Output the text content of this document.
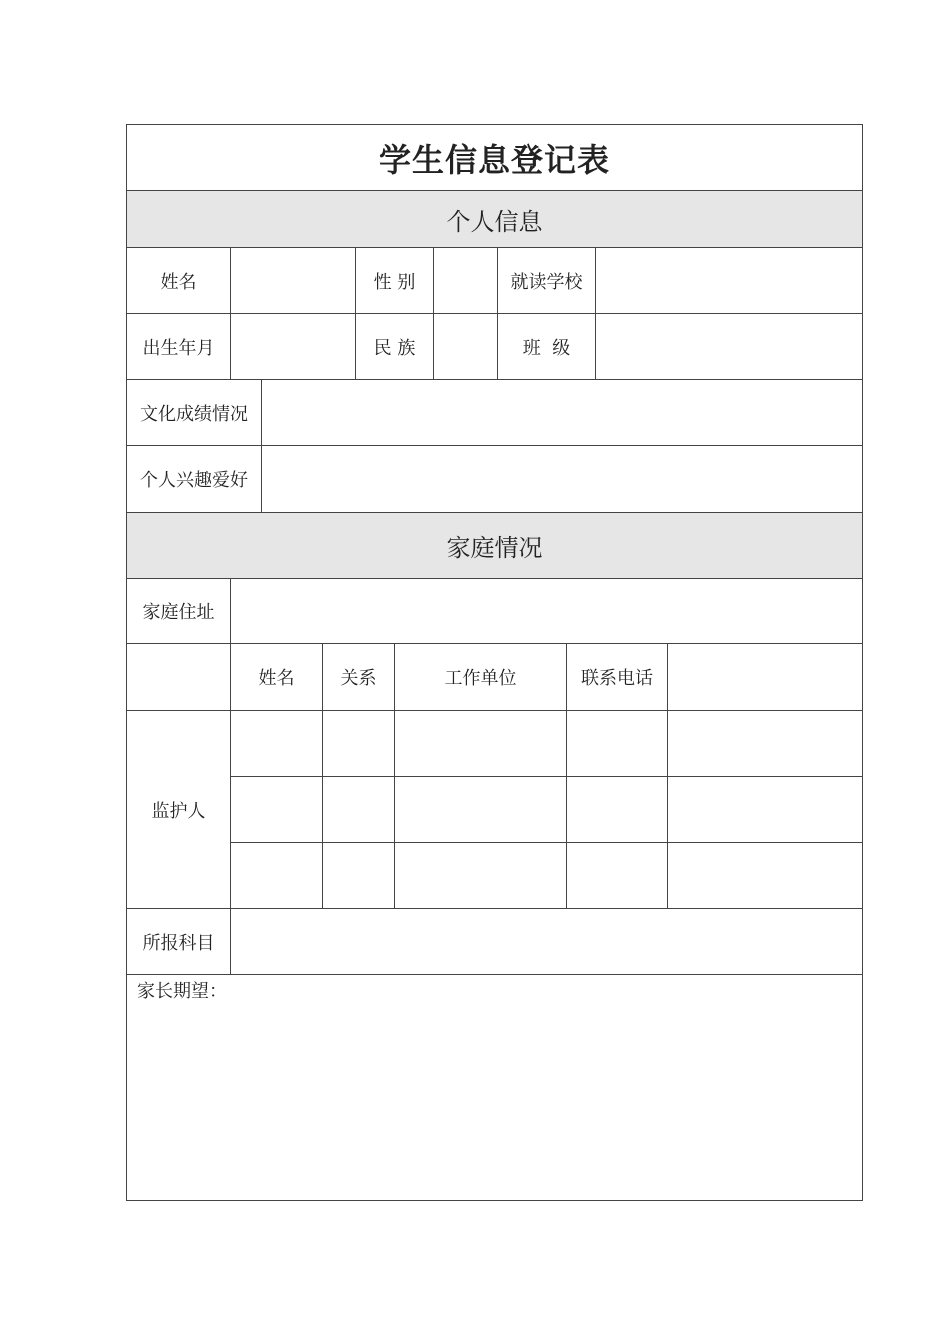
学生信息登记表
个人信息
姓名	性 别	就读学校
出生年月	民 族	班  级
文化成绩情况
个人兴趣爱好
家庭情况
家庭住址
姓名	关系	工作单位	联系电话
监护人
所报科目
家长期望：
